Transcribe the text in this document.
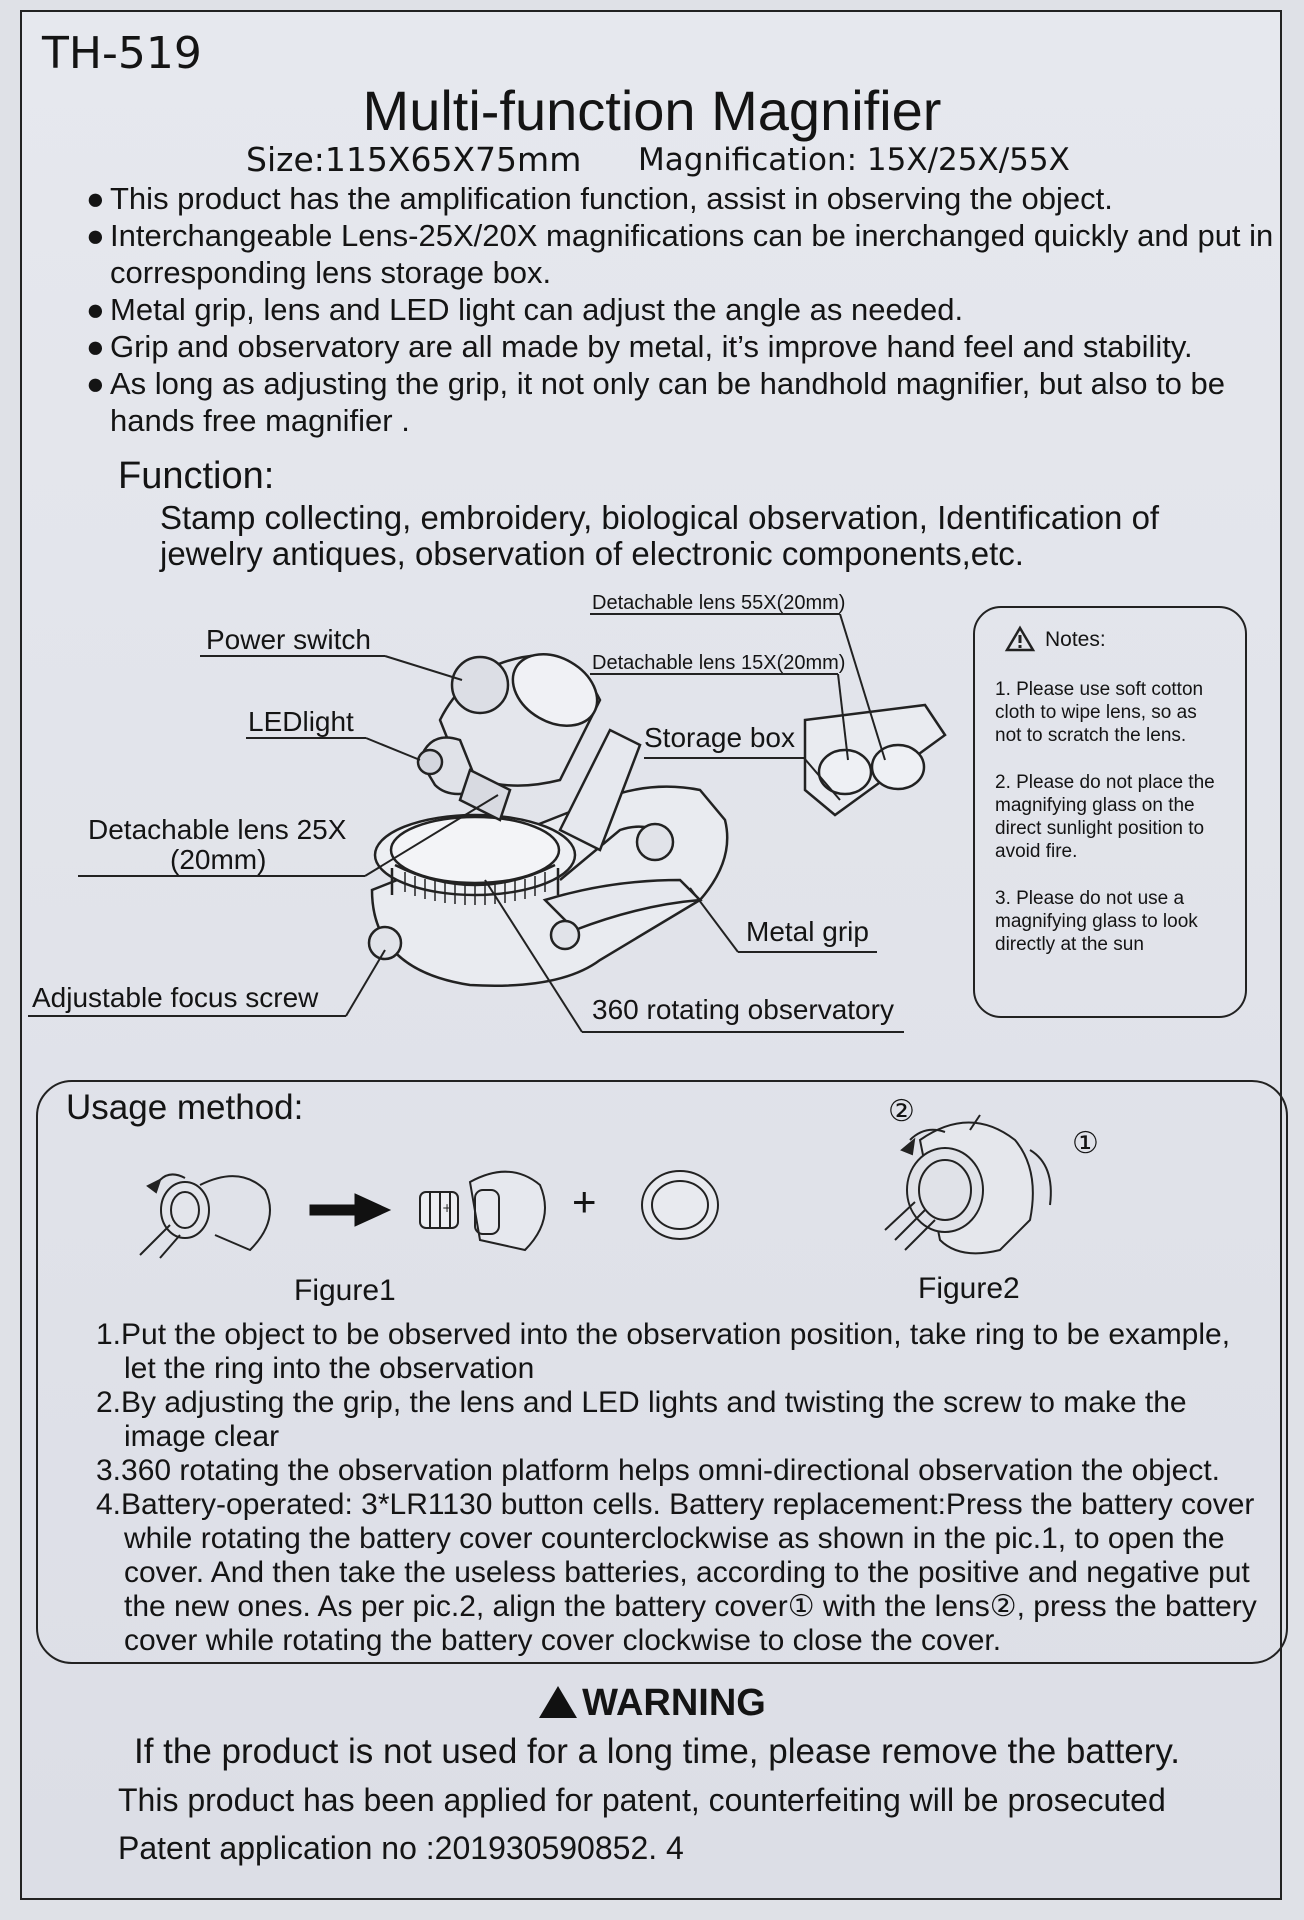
TH-519
Multi-function Magnifier
Size:115X65X75mm Magnification: 15X/25X/55X
● This product has the amplification function, assist in observing the object.
● Interchangeable Lens-25X/20X magnifications can be inerchanged quickly and put in corresponding lens storage box.
● Metal grip, lens and LED light can adjust the angle as needed.
● Grip and observatory are all made by metal, it’s improve hand feel and stability.
● As long as adjusting the grip, it not only can be handhold magnifier, but also to be hands free magnifier .
Function:
Stamp collecting, embroidery, biological observation, Identification of jewelry antiques, observation of electronic components,etc.
Power switch
LEDlight
Detachable lens 25X
(20mm)
Adjustable focus screw
Detachable lens 55X(20mm)
Detachable lens 15X(20mm)
Storage box
Metal grip
360 rotating observatory
Notes:

1. Please use soft cotton cloth to wipe lens, so as not to scratch the lens.

2. Please do not place the magnifying glass on the direct sunlight position to avoid fire.

3. Please do not use a magnifying glass to look directly at the sun

Usage method:
+	+
②
①
Figure1	Figure2
1.Put the object to be observed into the observation position, take ring to be example, let the ring into the observation
2.By adjusting the grip, the lens and LED lights and twisting the screw to make the image clear
3.360 rotating the observation platform helps omni-directional observation the object.
4.Battery-operated: 3*LR1130 button cells. Battery replacement:Press the battery cover while rotating the battery cover counterclockwise as shown in the pic.1, to open the cover. And then take the useless batteries, according to the positive and negative put the new ones. As per pic.2, align the battery cover① with the lens②, press the battery cover while rotating the battery cover clockwise to close the cover.
WARNING
If the product is not used for a long time, please remove the battery.
This product has been applied for patent, counterfeiting will be prosecuted
Patent application no :201930590852. 4
